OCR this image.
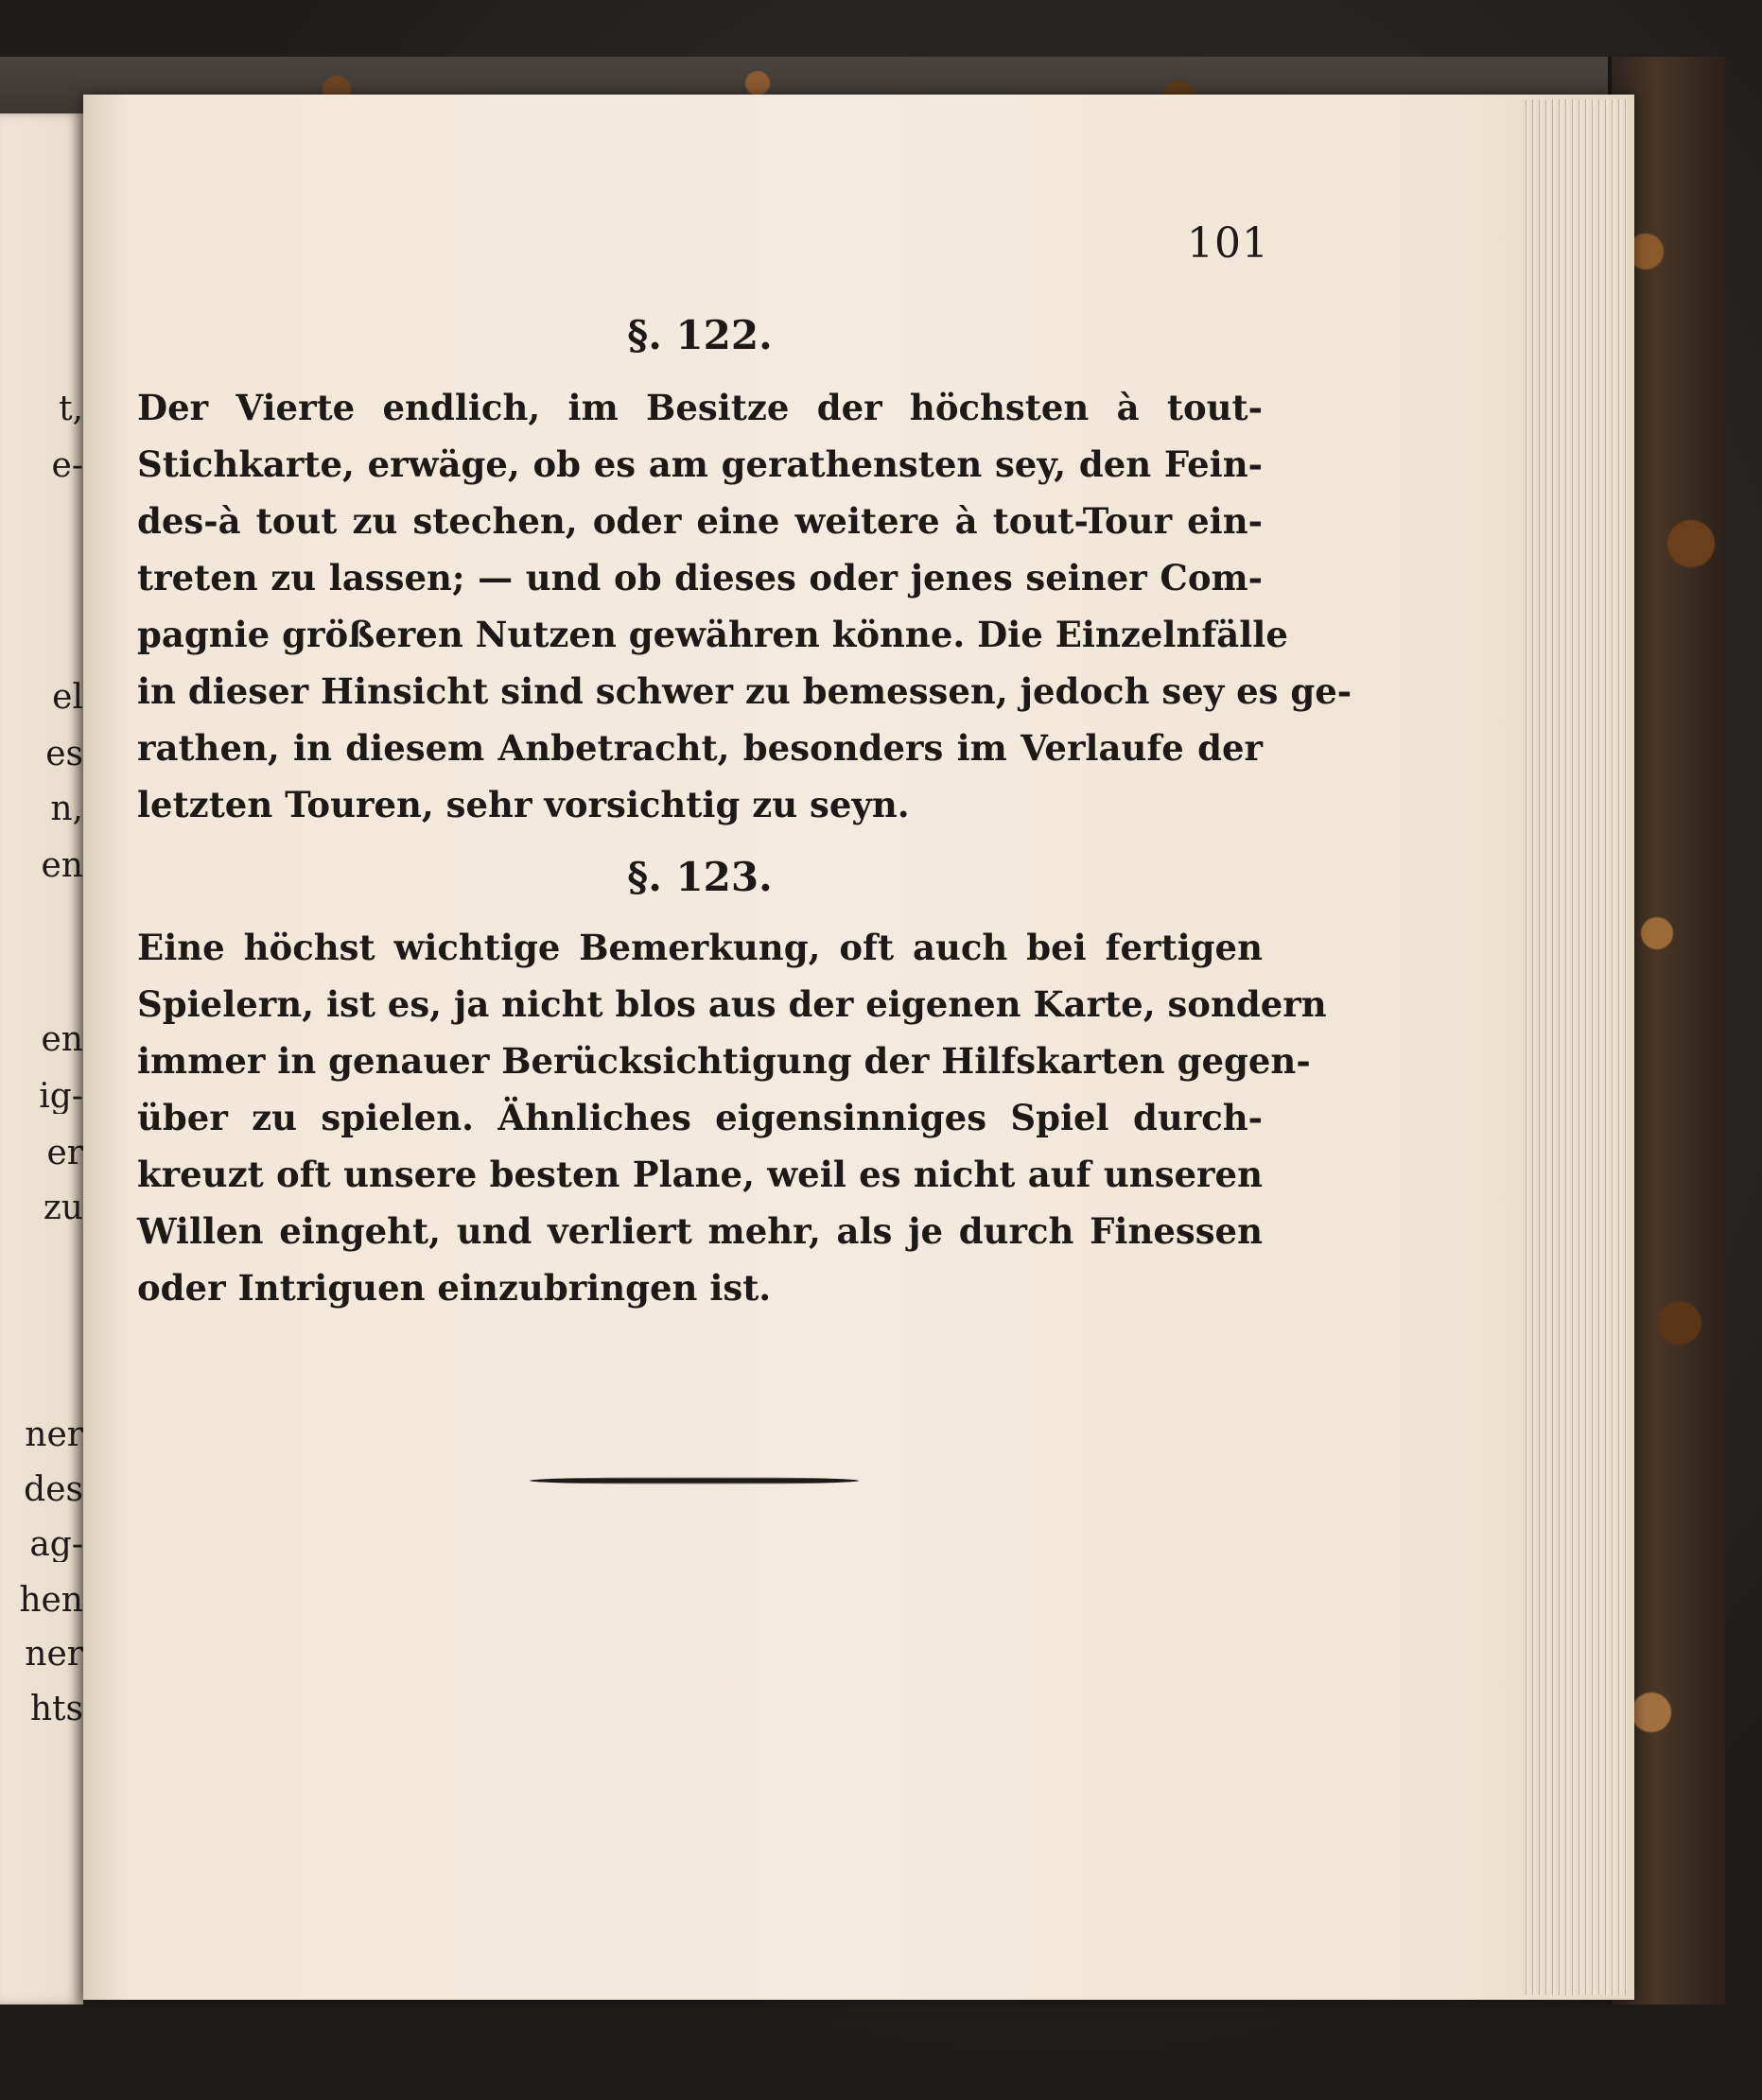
t,
e-
el
es
n,
en
en
ig-
er
zu
ner
des
ag-
hen
ner
hts
101
§. 122.
Der Vierte endlich, im Besitze der höchsten à tout-
Stichkarte, erwäge, ob es am gerathensten sey, den Fein-
des-à tout zu stechen, oder eine weitere à tout-Tour ein-
treten zu lassen; — und ob dieses oder jenes seiner Com-
pagnie größeren Nutzen gewähren könne. Die Einzelnfälle
in dieser Hinsicht sind schwer zu bemessen, jedoch sey es ge-
rathen, in diesem Anbetracht, besonders im Verlaufe der
letzten Touren, sehr vorsichtig zu seyn.
§. 123.
Eine höchst wichtige Bemerkung, oft auch bei fertigen
Spielern, ist es, ja nicht blos aus der eigenen Karte, sondern
immer in genauer Berücksichtigung der Hilfskarten gegen-
über zu spielen. Ähnliches eigensinniges Spiel durch-
kreuzt oft unsere besten Plane, weil es nicht auf unseren
Willen eingeht, und verliert mehr, als je durch Finessen
oder Intriguen einzubringen ist.
